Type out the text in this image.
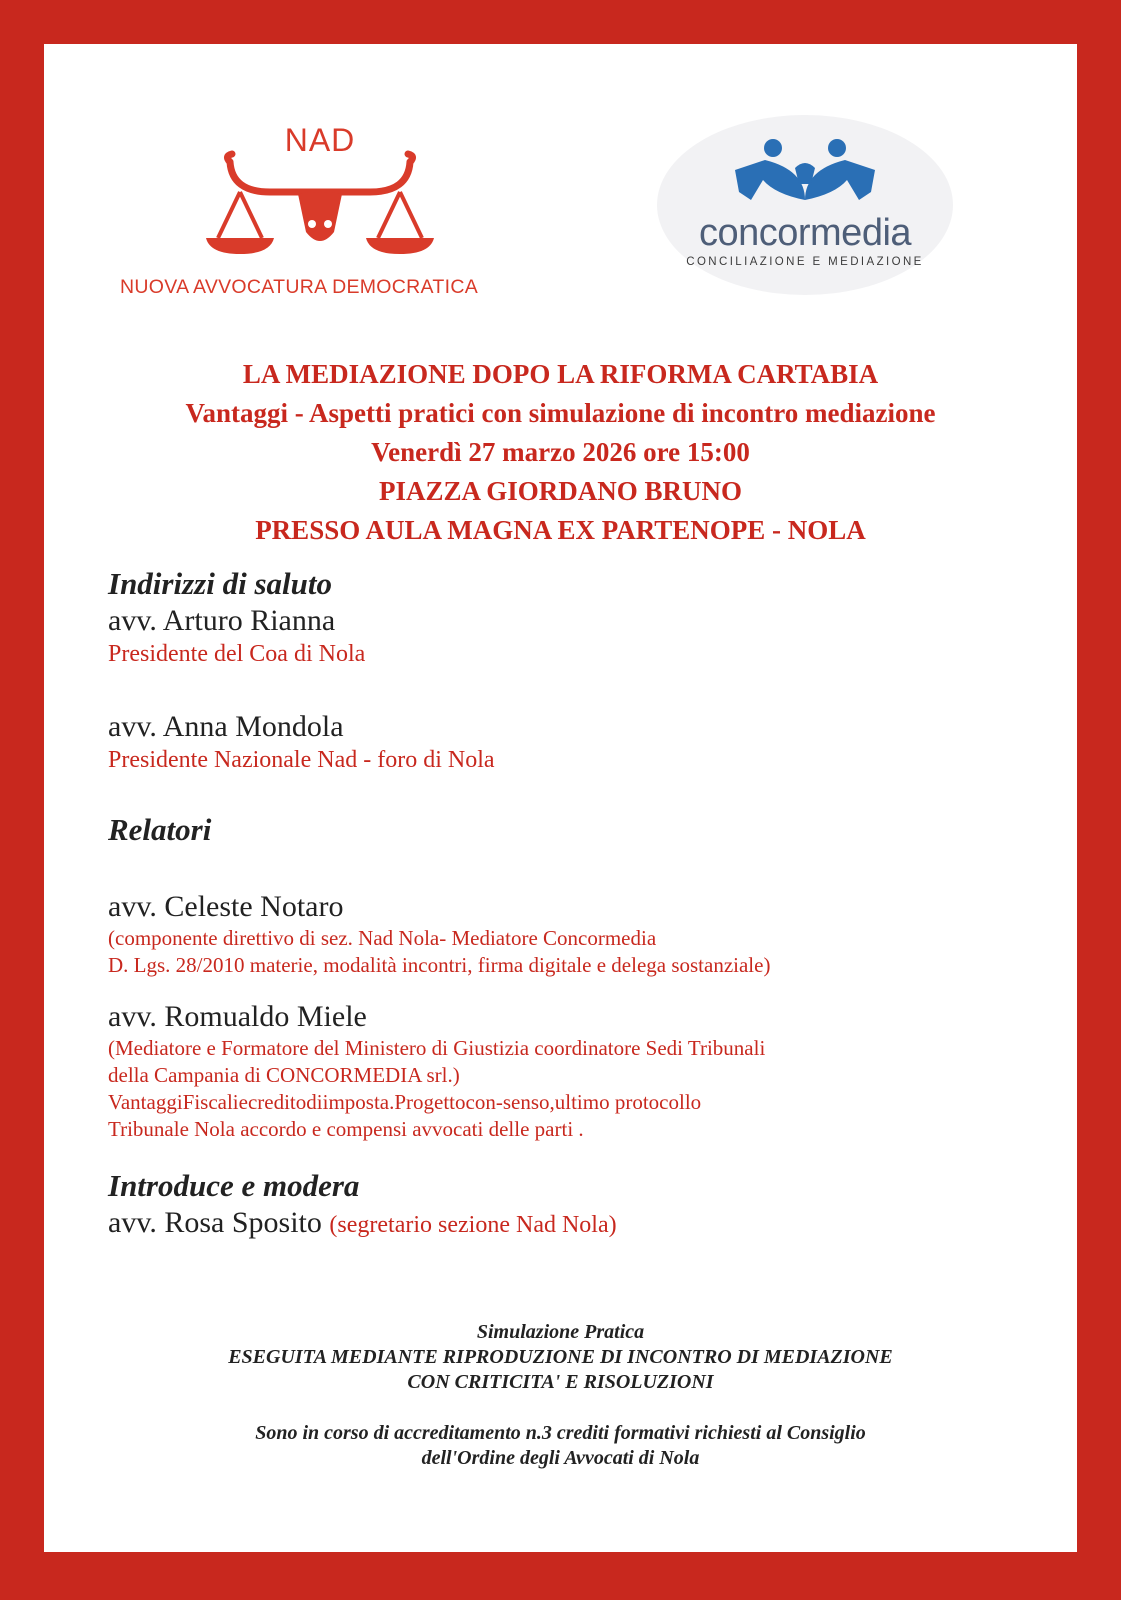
NAD
NUOVA AVVOCATURA DEMOCRATICA
concormedia
CONCILIAZIONE E MEDIAZIONE
LA MEDIAZIONE DOPO LA RIFORMA CARTABIA
Vantaggi - Aspetti pratici con simulazione di incontro mediazione
Venerdì 27 marzo 2026 ore 15:00
PIAZZA GIORDANO BRUNO
PRESSO AULA MAGNA EX PARTENOPE - NOLA
Indirizzi di saluto
avv. Arturo Rianna
Presidente del Coa di Nola
avv. Anna Mondola
Presidente Nazionale Nad - foro di Nola
Relatori
avv. Celeste Notaro
(componente direttivo di sez. Nad Nola- Mediatore Concormedia
D. Lgs. 28/2010 materie, modalità incontri, firma digitale e delega sostanziale)
avv. Romualdo Miele
(Mediatore e Formatore del Ministero di Giustizia coordinatore Sedi Tribunali
della Campania di CONCORMEDIA srl.)
VantaggiFiscaliecreditodiimposta.Progettocon-senso,ultimo protocollo
Tribunale Nola accordo e compensi avvocati delle parti .
Introduce e modera
avv. Rosa Sposito (segretario sezione Nad Nola)
Simulazione Pratica
ESEGUITA MEDIANTE RIPRODUZIONE DI INCONTRO DI MEDIAZIONE
CON CRITICITA' E RISOLUZIONI
Sono in corso di accreditamento n.3 crediti formativi richiesti al Consiglio
dell'Ordine degli Avvocati di Nola
